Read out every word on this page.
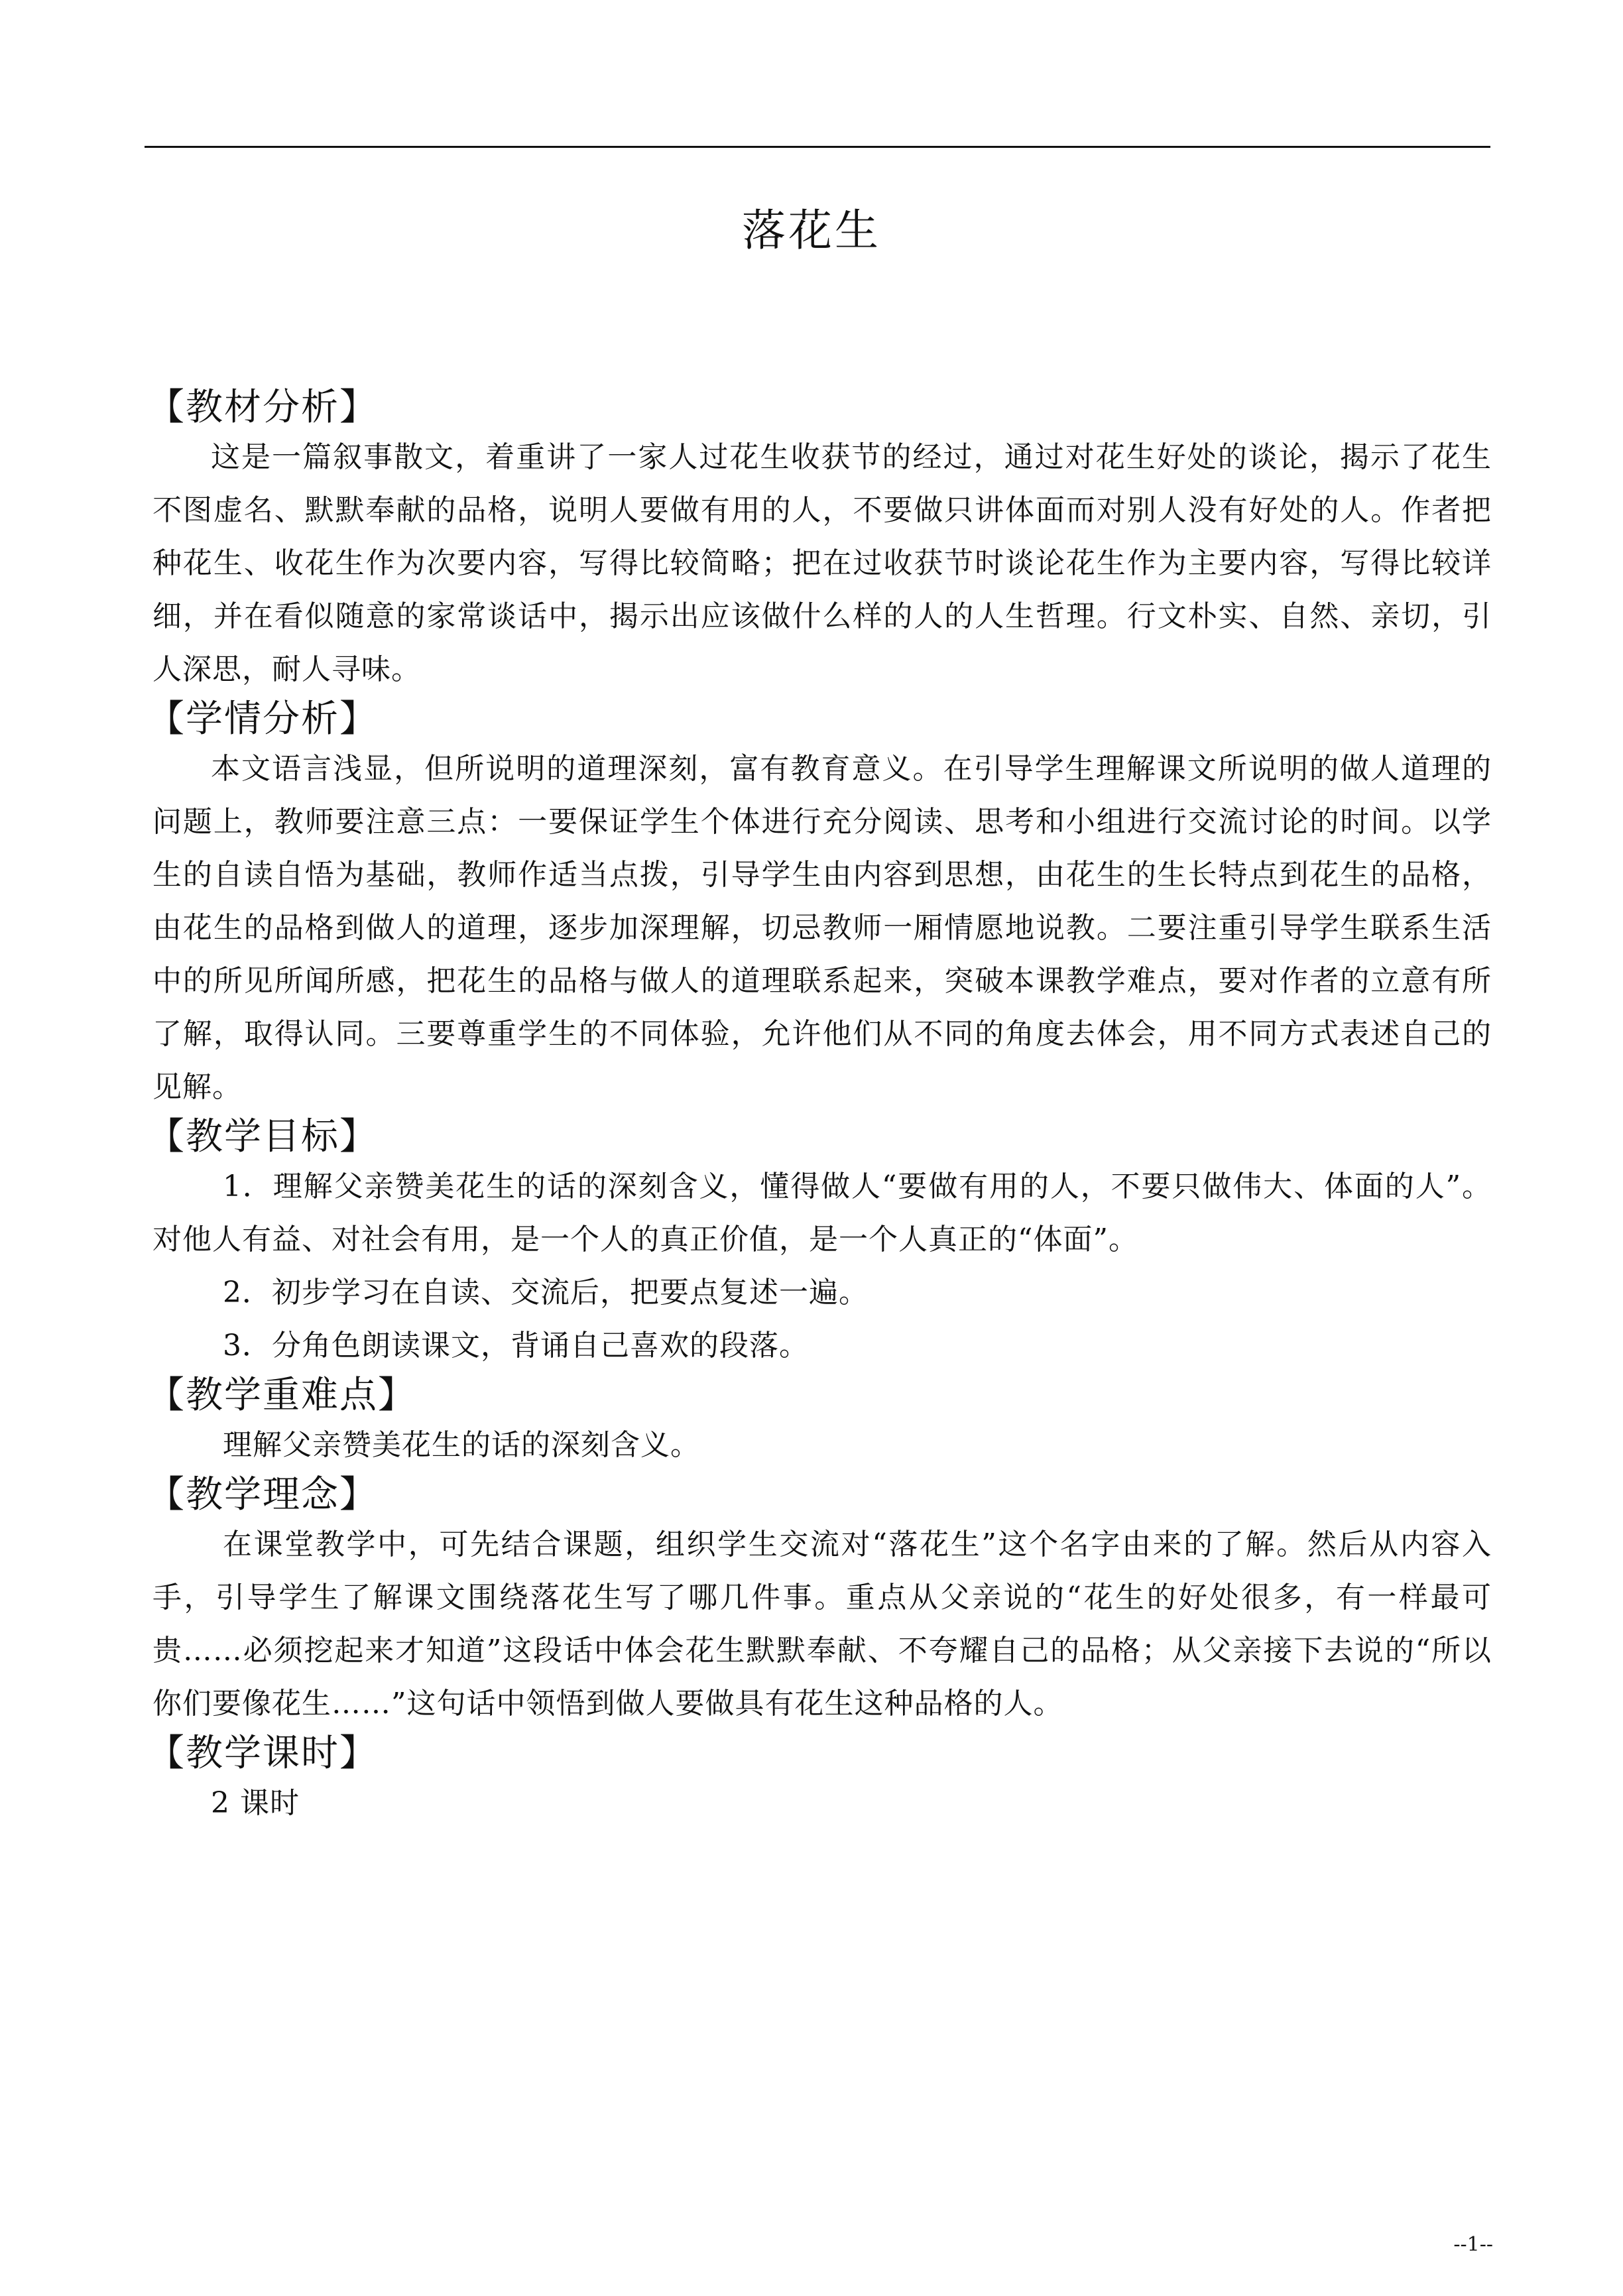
落花生
【教材分析】

这是一篇叙事散文，着重讲了一家人过花生收获节的经过，通过对花生好处的谈论，揭示了花生不图虚名、默默奉献的品格，说明人要做有用的人，不要做只讲体面而对别人没有好处的人。作者把种花生、收花生作为次要内容，写得比较简略；把在过收获节时谈论花生作为主要内容，写得比较详细，并在看似随意的家常谈话中，揭示出应该做什么样的人的人生哲理。行文朴实、自然、亲切，引人深思，耐人寻味。

【学情分析】

本文语言浅显，但所说明的道理深刻，富有教育意义。在引导学生理解课文所说明的做人道理的问题上，教师要注意三点：一要保证学生个体进行充分阅读、思考和小组进行交流讨论的时间。以学生的自读自悟为基础，教师作适当点拨，引导学生由内容到思想，由花生的生长特点到花生的品格，由花生的品格到做人的道理，逐步加深理解，切忌教师一厢情愿地说教。二要注重引导学生联系生活中的所见所闻所感，把花生的品格与做人的道理联系起来，突破本课教学难点，要对作者的立意有所了解，取得认同。三要尊重学生的不同体验，允许他们从不同的角度去体会，用不同方式表述自己的见解。

【教学目标】

1．理解父亲赞美花生的话的深刻含义，懂得做人“要做有用的人，不要只做伟大、体面的人”。对他人有益、对社会有用，是一个人的真正价值，是一个人真正的“体面”。

2．初步学习在自读、交流后，把要点复述一遍。

3．分角色朗读课文，背诵自己喜欢的段落。

【教学重难点】

理解父亲赞美花生的话的深刻含义。

【教学理念】

在课堂教学中，可先结合课题，组织学生交流对“落花生”这个名字由来的了解。然后从内容入手，引导学生了解课文围绕落花生写了哪几件事。重点从父亲说的“花生的好处很多，有一样最可贵……必须挖起来才知道”这段话中体会花生默默奉献、不夸耀自己的品格；从父亲接下去说的“所以你们要像花生……”这句话中领悟到做人要做具有花生这种品格的人。

【教学课时】

2 课时

--1--
